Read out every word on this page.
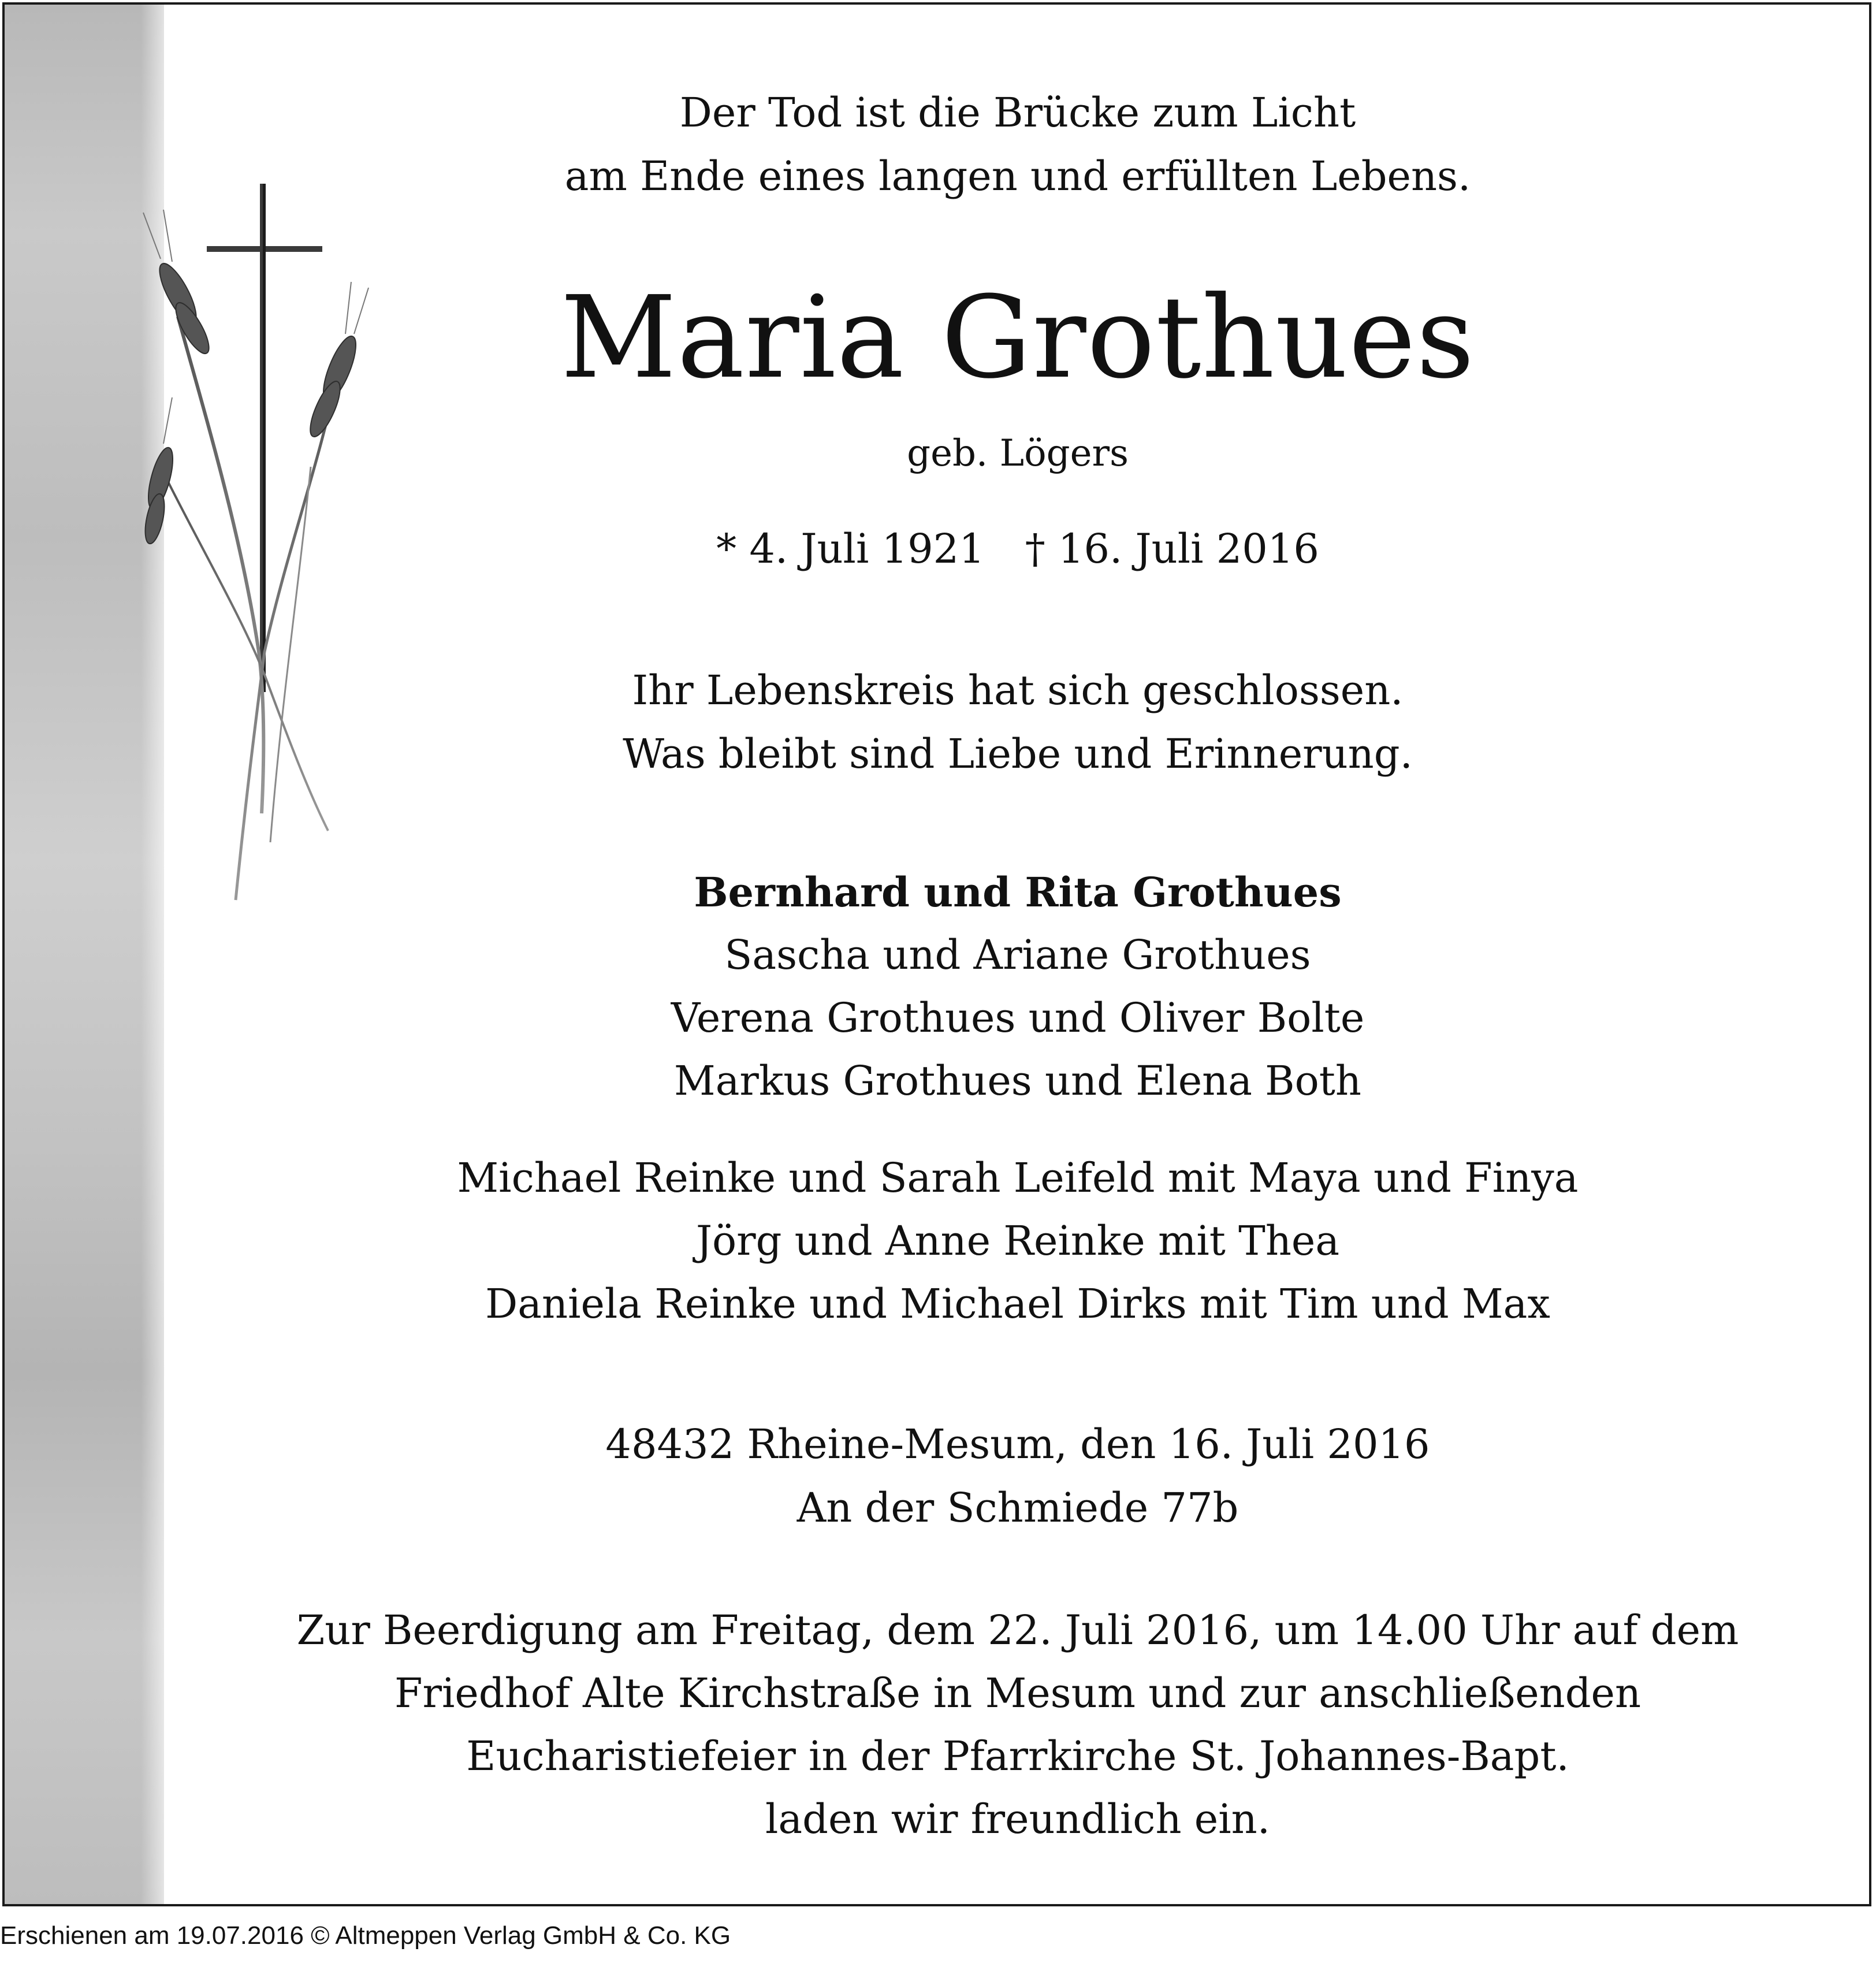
Der Tod ist die Brücke zum Licht
am Ende eines langen und erfüllten Lebens.
Maria Grothues
geb. Lögers
* 4. Juli 1921 † 16. Juli 2016
Ihr Lebenskreis hat sich geschlossen.
Was bleibt sind Liebe und Erinnerung.
Bernhard und Rita Grothues
Sascha und Ariane Grothues
Verena Grothues und Oliver Bolte
Markus Grothues und Elena Both
Michael Reinke und Sarah Leifeld mit Maya und Finya
Jörg und Anne Reinke mit Thea
Daniela Reinke und Michael Dirks mit Tim und Max
48432 Rheine-Mesum, den 16. Juli 2016
An der Schmiede 77b
Zur Beerdigung am Freitag, dem 22. Juli 2016, um 14.00 Uhr auf dem
Friedhof Alte Kirchstraße in Mesum und zur anschließenden
Eucharistiefeier in der Pfarrkirche St. Johannes-Bapt.
laden wir freundlich ein.
Erschienen am 19.07.2016 © Altmeppen Verlag GmbH & Co. KG
